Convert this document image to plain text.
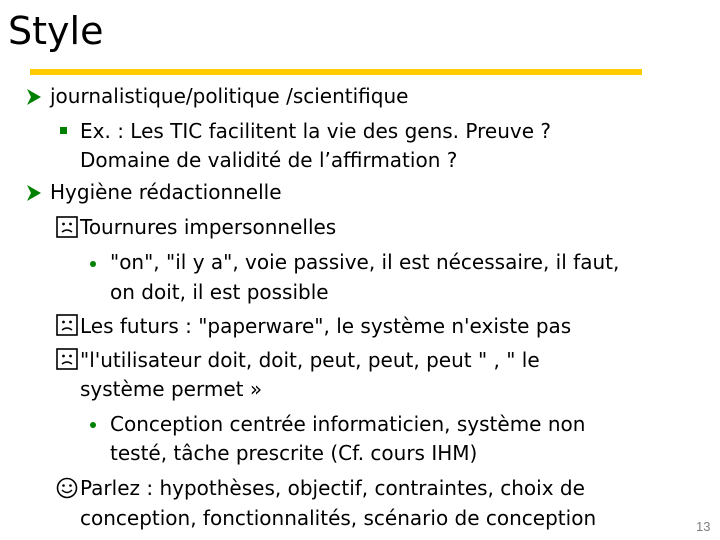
Style
journalistique/politique /scientifique
Ex. : Les TIC facilitent la vie des gens. Preuve ?
Domaine de validité de l’affirmation ?
Hygiène rédactionnelle
Tournures impersonnelles
"on", "il y a", voie passive, il est nécessaire, il faut,
on doit, il est possible
Les futurs : "paperware", le système n'existe pas
"l'utilisateur doit, doit, peut, peut, peut " , " le
système permet »
Conception centrée informaticien, système non
testé, tâche prescrite (Cf. cours IHM)
Parlez : hypothèses, objectif, contraintes, choix de
conception, fonctionnalités, scénario de conception	13
